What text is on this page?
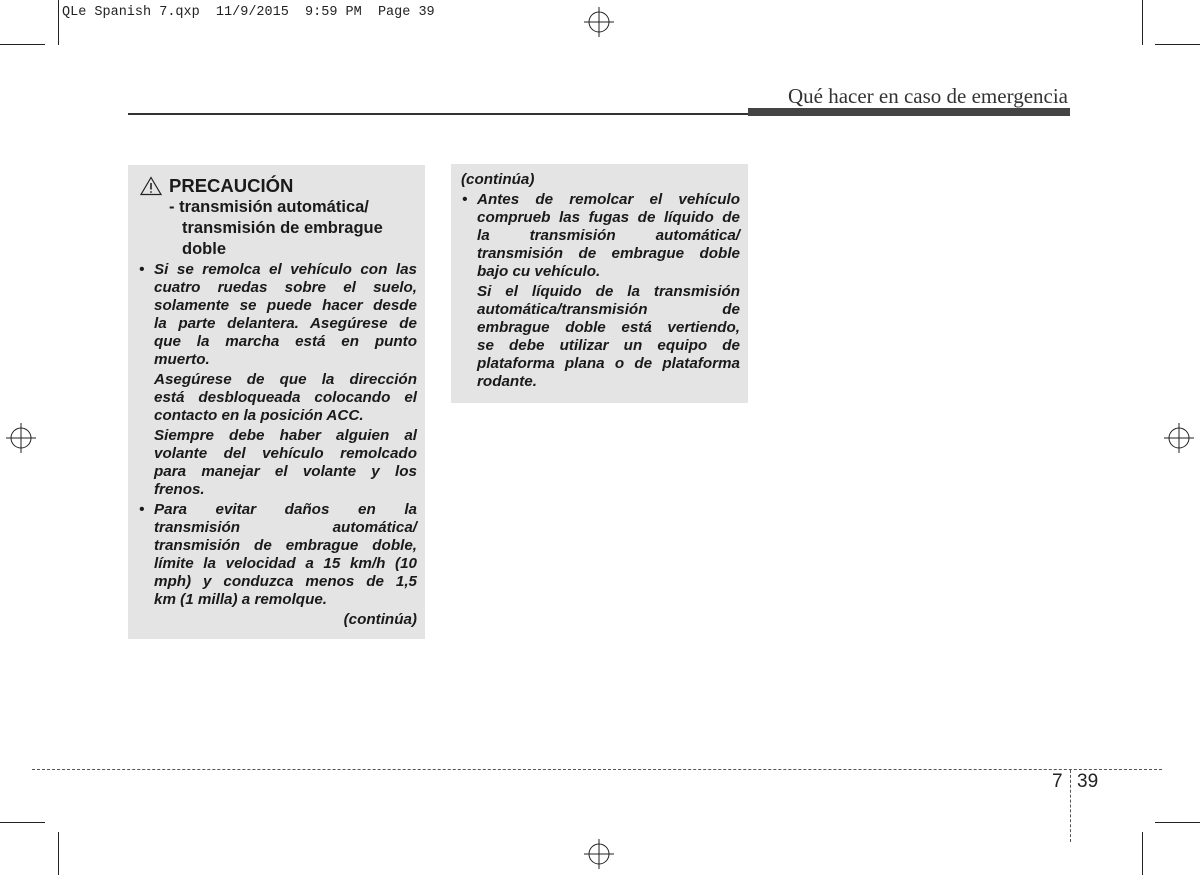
QLe Spanish 7.qxp  11/9/2015  9:59 PM  Page 39
Qué hacer en caso de emergencia
PRECAUCIÓN
- transmisión automática/
transmisión de embrague
doble
• Si se remolca el vehículo con las
cuatro ruedas sobre el suelo,
solamente se puede hacer desde
la parte delantera. Asegúrese de
que la marcha está en punto
muerto.
Asegúrese de que la dirección
está desbloqueada colocando el
contacto en la posición ACC.
Siempre debe haber alguien al
volante del vehículo remolcado
para manejar el volante y los
frenos.
• Para evitar daños en la
transmisión automática/
transmisión de embrague doble,
límite la velocidad a 15 km/h (10
mph) y conduzca menos de 1,5
km (1 milla) a remolque.
(continúa)
(continúa)
• Antes de remolcar el vehículo
comprueb las fugas de líquido de
la transmisión automática/
transmisión de embrague doble
bajo cu vehículo.
Si el líquido de la transmisión
automática/transmisión de
embrague doble está vertiendo,
se debe utilizar un equipo de
plataforma plana o de plataforma
rodante.
7 39
